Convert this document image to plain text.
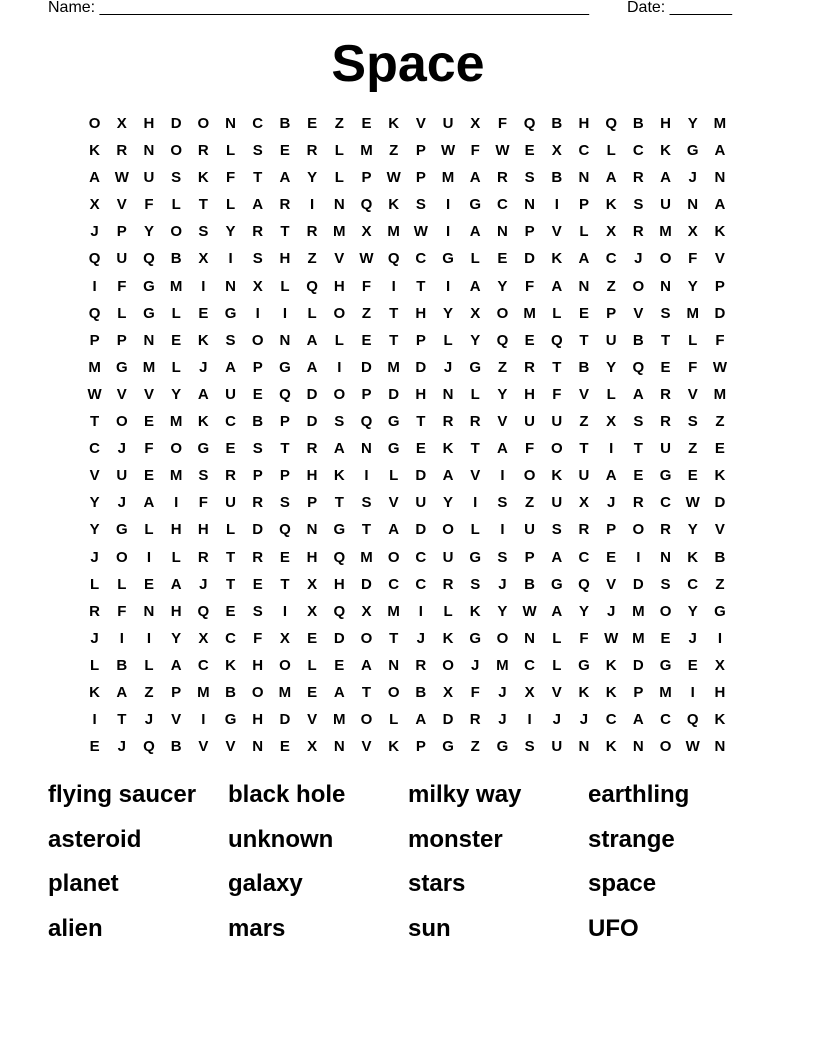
Name: _______________________________________________________ Date: _______
Space
O	X	H	D	O	N	C	B	E	Z	E	K	V	U	X	F	Q	B	H	Q	B	H	Y	M
K	R	N	O	R	L	S	E	R	L	M	Z	P	W	F	W	E	X	C	L	C	K	G	A
A W U	S	K	F	T	A	Y	L	P	W	P	M	A	R	S	B	N	A	R	A	J	N
X	V	F	L	T	L	A	R	I	N	Q	K	S	I	G	C	N	I	P	K	S	U	N	A
J	P	Y	O	S	Y	R	T	R	M	X	M W	I	A	N	P	V	L	X	R	M	X	K
Q	U	Q	B	X	I	S	H	Z	V	W Q	C	G	L	E	D	K	A	C	J	O	F	V
I	F	G	M	I	N	X	L	Q	H	F	I	T	I	A	Y	F	A	N	Z	O	N	Y	P
Q	L	G	L	E	G	I	I	L	O	Z	T	H	Y	X	O	M	L	E	P	V	S	M	D
P	P	N	E	K	S	O	N	A	L	E	T	P	L	Y	Q	E	Q	T	U	B	T	L	F
M	G	M	L	J	A	P	G	A	I	D	M	D	J	G	Z	R	T	B	Y	Q	E	F	W
W	V	V	Y	A	U	E	Q	D	O	P	D	H	N	L	Y	H	F	V	L	A	R	V	M
T	O	E	M	K	C	B	P	D	S	Q	G	T	R	R	V	U	U	Z	X	S	R	S	Z
C	J	F	O	G	E	S	T	R	A	N	G	E	K	T	A	F	O	T	I	T	U	Z	E
V	U	E	M	S	R	P	P	H	K	I	L	D	A	V	I	O	K	U	A	E	G	E	K
Y	J	A	I	F	U	R	S	P	T	S	V	U	Y	I	S	Z	U	X	J	R	C W D
Y	G	L	H	H	L	D	Q	N	G	T	A	D	O	L	I	U	S	R	P	O	R	Y	V
J	O	I	L	R	T	R	E	H	Q	M	O	C	U	G	S	P	A	C	E	I	N	K	B
L	L	E	A	J	T	E	T	X	H	D	C	C	R	S	J	B	G	Q	V	D	S	C	Z
R	F	N	H	Q	E	S	I	X	Q	X	M	I	L	K	Y	W A	Y	J	M	O	Y	G
J	I	I	Y	X	C	F	X	E	D	O	T	J	K	G	O	N	L	F	W M	E	J	I
L	B	L	A	C	K	H	O	L	E	A	N	R	O	J	M	C	L	G	K	D	G	E	X
K	A	Z	P	M	B	O	M	E	A	T	O	B	X	F	J	X	V	K	K	P	M	I	H
I	T	J	V	I	G	H	D	V	M	O	L	A	D	R	J	I	J	J	C	A	C	Q	K
E	J	Q	B	V	V	N	E	X	N	V	K	P	G	Z	G	S	U	N	K	N	O W N
flying saucer	black hole	milky way	earthling
asteroid	unknown	monster	strange
planet	galaxy	stars	space
alien	mars	sun	UFO
